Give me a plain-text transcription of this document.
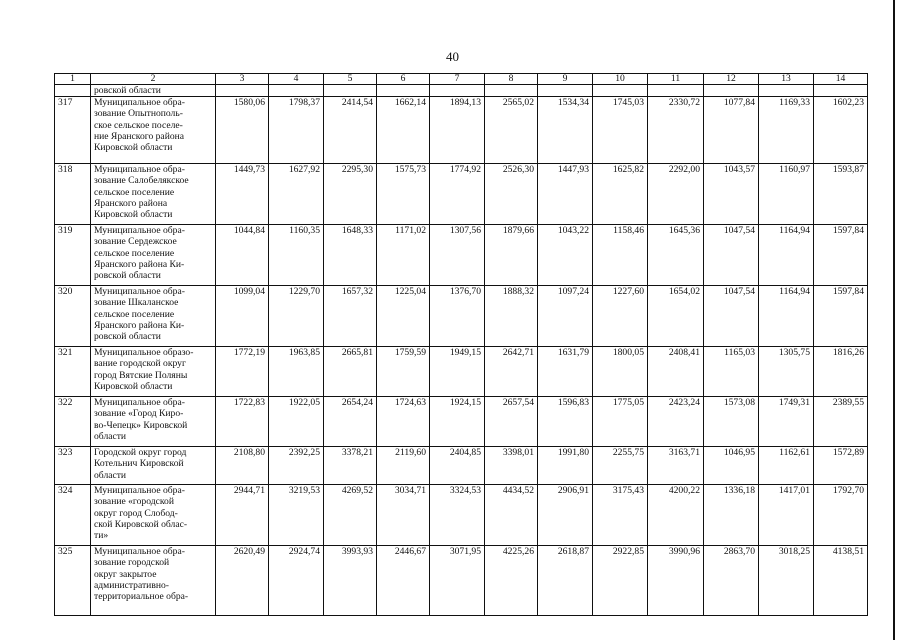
40
1	2	3	4	5	6	7	8	9	10	11	12	13	14
	ровской области												
317	Муниципальное обра-
зование Опытнополь-
ское сельское поселе-
ние Яранского района
Кировской области	1580,06	1798,37	2414,54	1662,14	1894,13	2565,02	1534,34	1745,03	2330,72	1077,84	1169,33	1602,23
318	Муниципальное обра-
зование Салобелякское
сельское поселение
Яранского района
Кировской области	1449,73	1627,92	2295,30	1575,73	1774,92	2526,30	1447,93	1625,82	2292,00	1043,57	1160,97	1593,87
319	Муниципальное обра-
зование Сердежское
сельское поселение
Яранского района Ки-
ровской области	1044,84	1160,35	1648,33	1171,02	1307,56	1879,66	1043,22	1158,46	1645,36	1047,54	1164,94	1597,84
320	Муниципальное обра-
зование Шкаланское
сельское поселение
Яранского района Ки-
ровской области	1099,04	1229,70	1657,32	1225,04	1376,70	1888,32	1097,24	1227,60	1654,02	1047,54	1164,94	1597,84
321	Муниципальное образо-
вание городской округ
город Вятские Поляны
Кировской области	1772,19	1963,85	2665,81	1759,59	1949,15	2642,71	1631,79	1800,05	2408,41	1165,03	1305,75	1816,26
322	Муниципальное обра-
зование «Город Киро-
во-Чепецк» Кировской
области	1722,83	1922,05	2654,24	1724,63	1924,15	2657,54	1596,83	1775,05	2423,24	1573,08	1749,31	2389,55
323	Городской округ город
Котельнич Кировской
области	2108,80	2392,25	3378,21	2119,60	2404,85	3398,01	1991,80	2255,75	3163,71	1046,95	1162,61	1572,89
324	Муниципальное обра-
зование «городской
округ город Слобод-
ской Кировской облас-
ти»	2944,71	3219,53	4269,52	3034,71	3324,53	4434,52	2906,91	3175,43	4200,22	1336,18	1417,01	1792,70
325	Муниципальное обра-
зование городской
округ закрытое
административно-
территориальное обра-	2620,49	2924,74	3993,93	2446,67	3071,95	4225,26	2618,87	2922,85	3990,96	2863,70	3018,25	4138,51
